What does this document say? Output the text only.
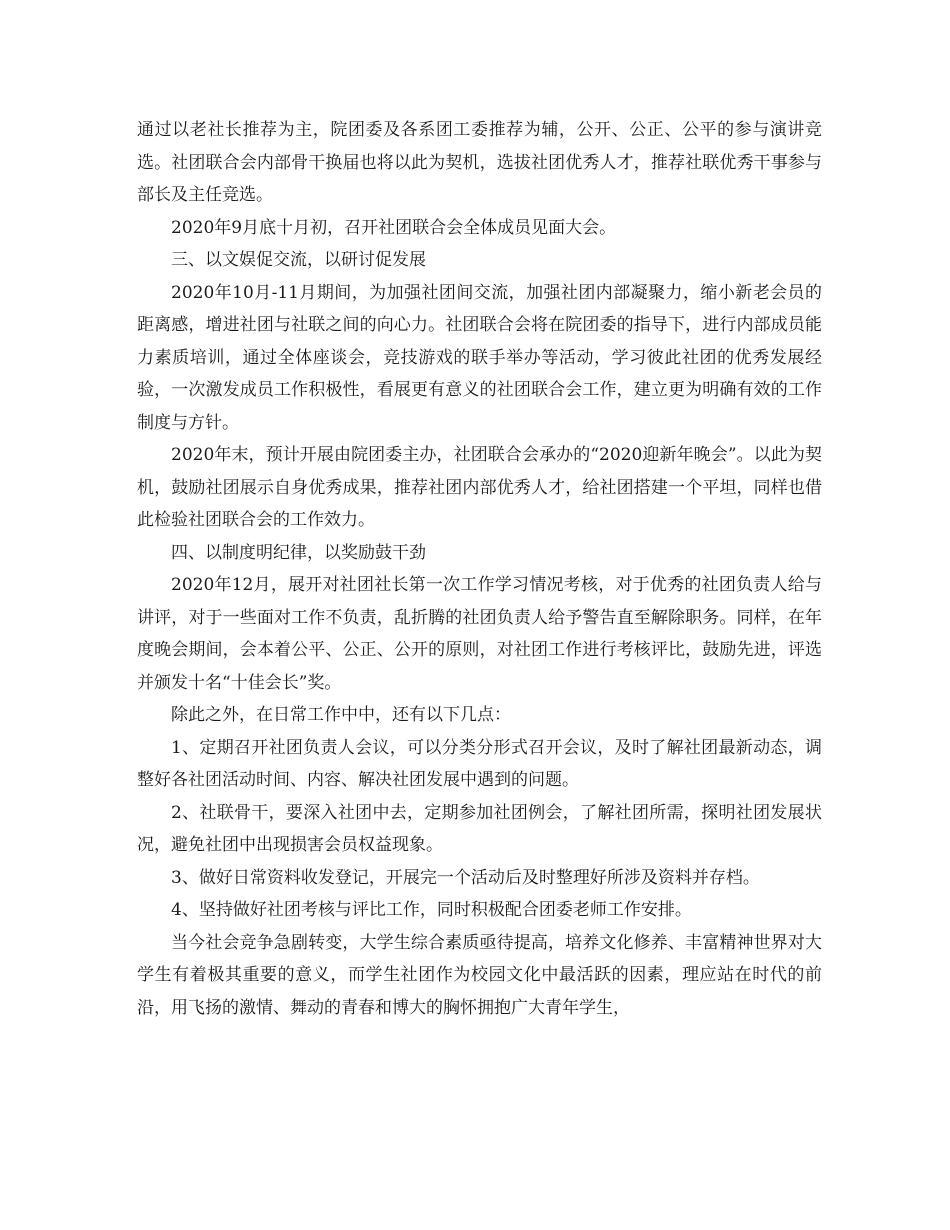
通过以老社长推荐为主，院团委及各系团工委推荐为辅，公开、公正、公平的参与演讲竞选。社团联合会内部骨干换届也将以此为契机，选拔社团优秀人才，推荐社联优秀干事参与部长及主任竞选。

2020年9月底十月初，召开社团联合会全体成员见面大会。

三、以文娱促交流，以研讨促发展

2020年10月-11月期间，为加强社团间交流，加强社团内部凝聚力，缩小新老会员的距离感，增进社团与社联之间的向心力。社团联合会将在院团委的指导下，进行内部成员能力素质培训，通过全体座谈会，竞技游戏的联手举办等活动，学习彼此社团的优秀发展经验，一次激发成员工作积极性，看展更有意义的社团联合会工作，建立更为明确有效的工作制度与方针。

2020年末，预计开展由院团委主办，社团联合会承办的“2020迎新年晚会”。以此为契机，鼓励社团展示自身优秀成果，推荐社团内部优秀人才，给社团搭建一个平坦，同样也借此检验社团联合会的工作效力。

四、以制度明纪律，以奖励鼓干劲

2020年12月，展开对社团社长第一次工作学习情况考核，对于优秀的社团负责人给与讲评，对于一些面对工作不负责，乱折腾的社团负责人给予警告直至解除职务。同样，在年度晚会期间，会本着公平、公正、公开的原则，对社团工作进行考核评比，鼓励先进，评选并颁发十名“十佳会长”奖。

除此之外，在日常工作中中，还有以下几点：

1、定期召开社团负责人会议，可以分类分形式召开会议，及时了解社团最新动态，调整好各社团活动时间、内容、解决社团发展中遇到的问题。

2、社联骨干，要深入社团中去，定期参加社团例会，了解社团所需，探明社团发展状况，避免社团中出现损害会员权益现象。

3、做好日常资料收发登记，开展完一个活动后及时整理好所涉及资料并存档。

4、坚持做好社团考核与评比工作，同时积极配合团委老师工作安排。

当今社会竞争急剧转变，大学生综合素质亟待提高，培养文化修养、丰富精神世界对大学生有着极其重要的意义，而学生社团作为校园文化中最活跃的因素，理应站在时代的前沿，用飞扬的激情、舞动的青春和博大的胸怀拥抱广大青年学生，
